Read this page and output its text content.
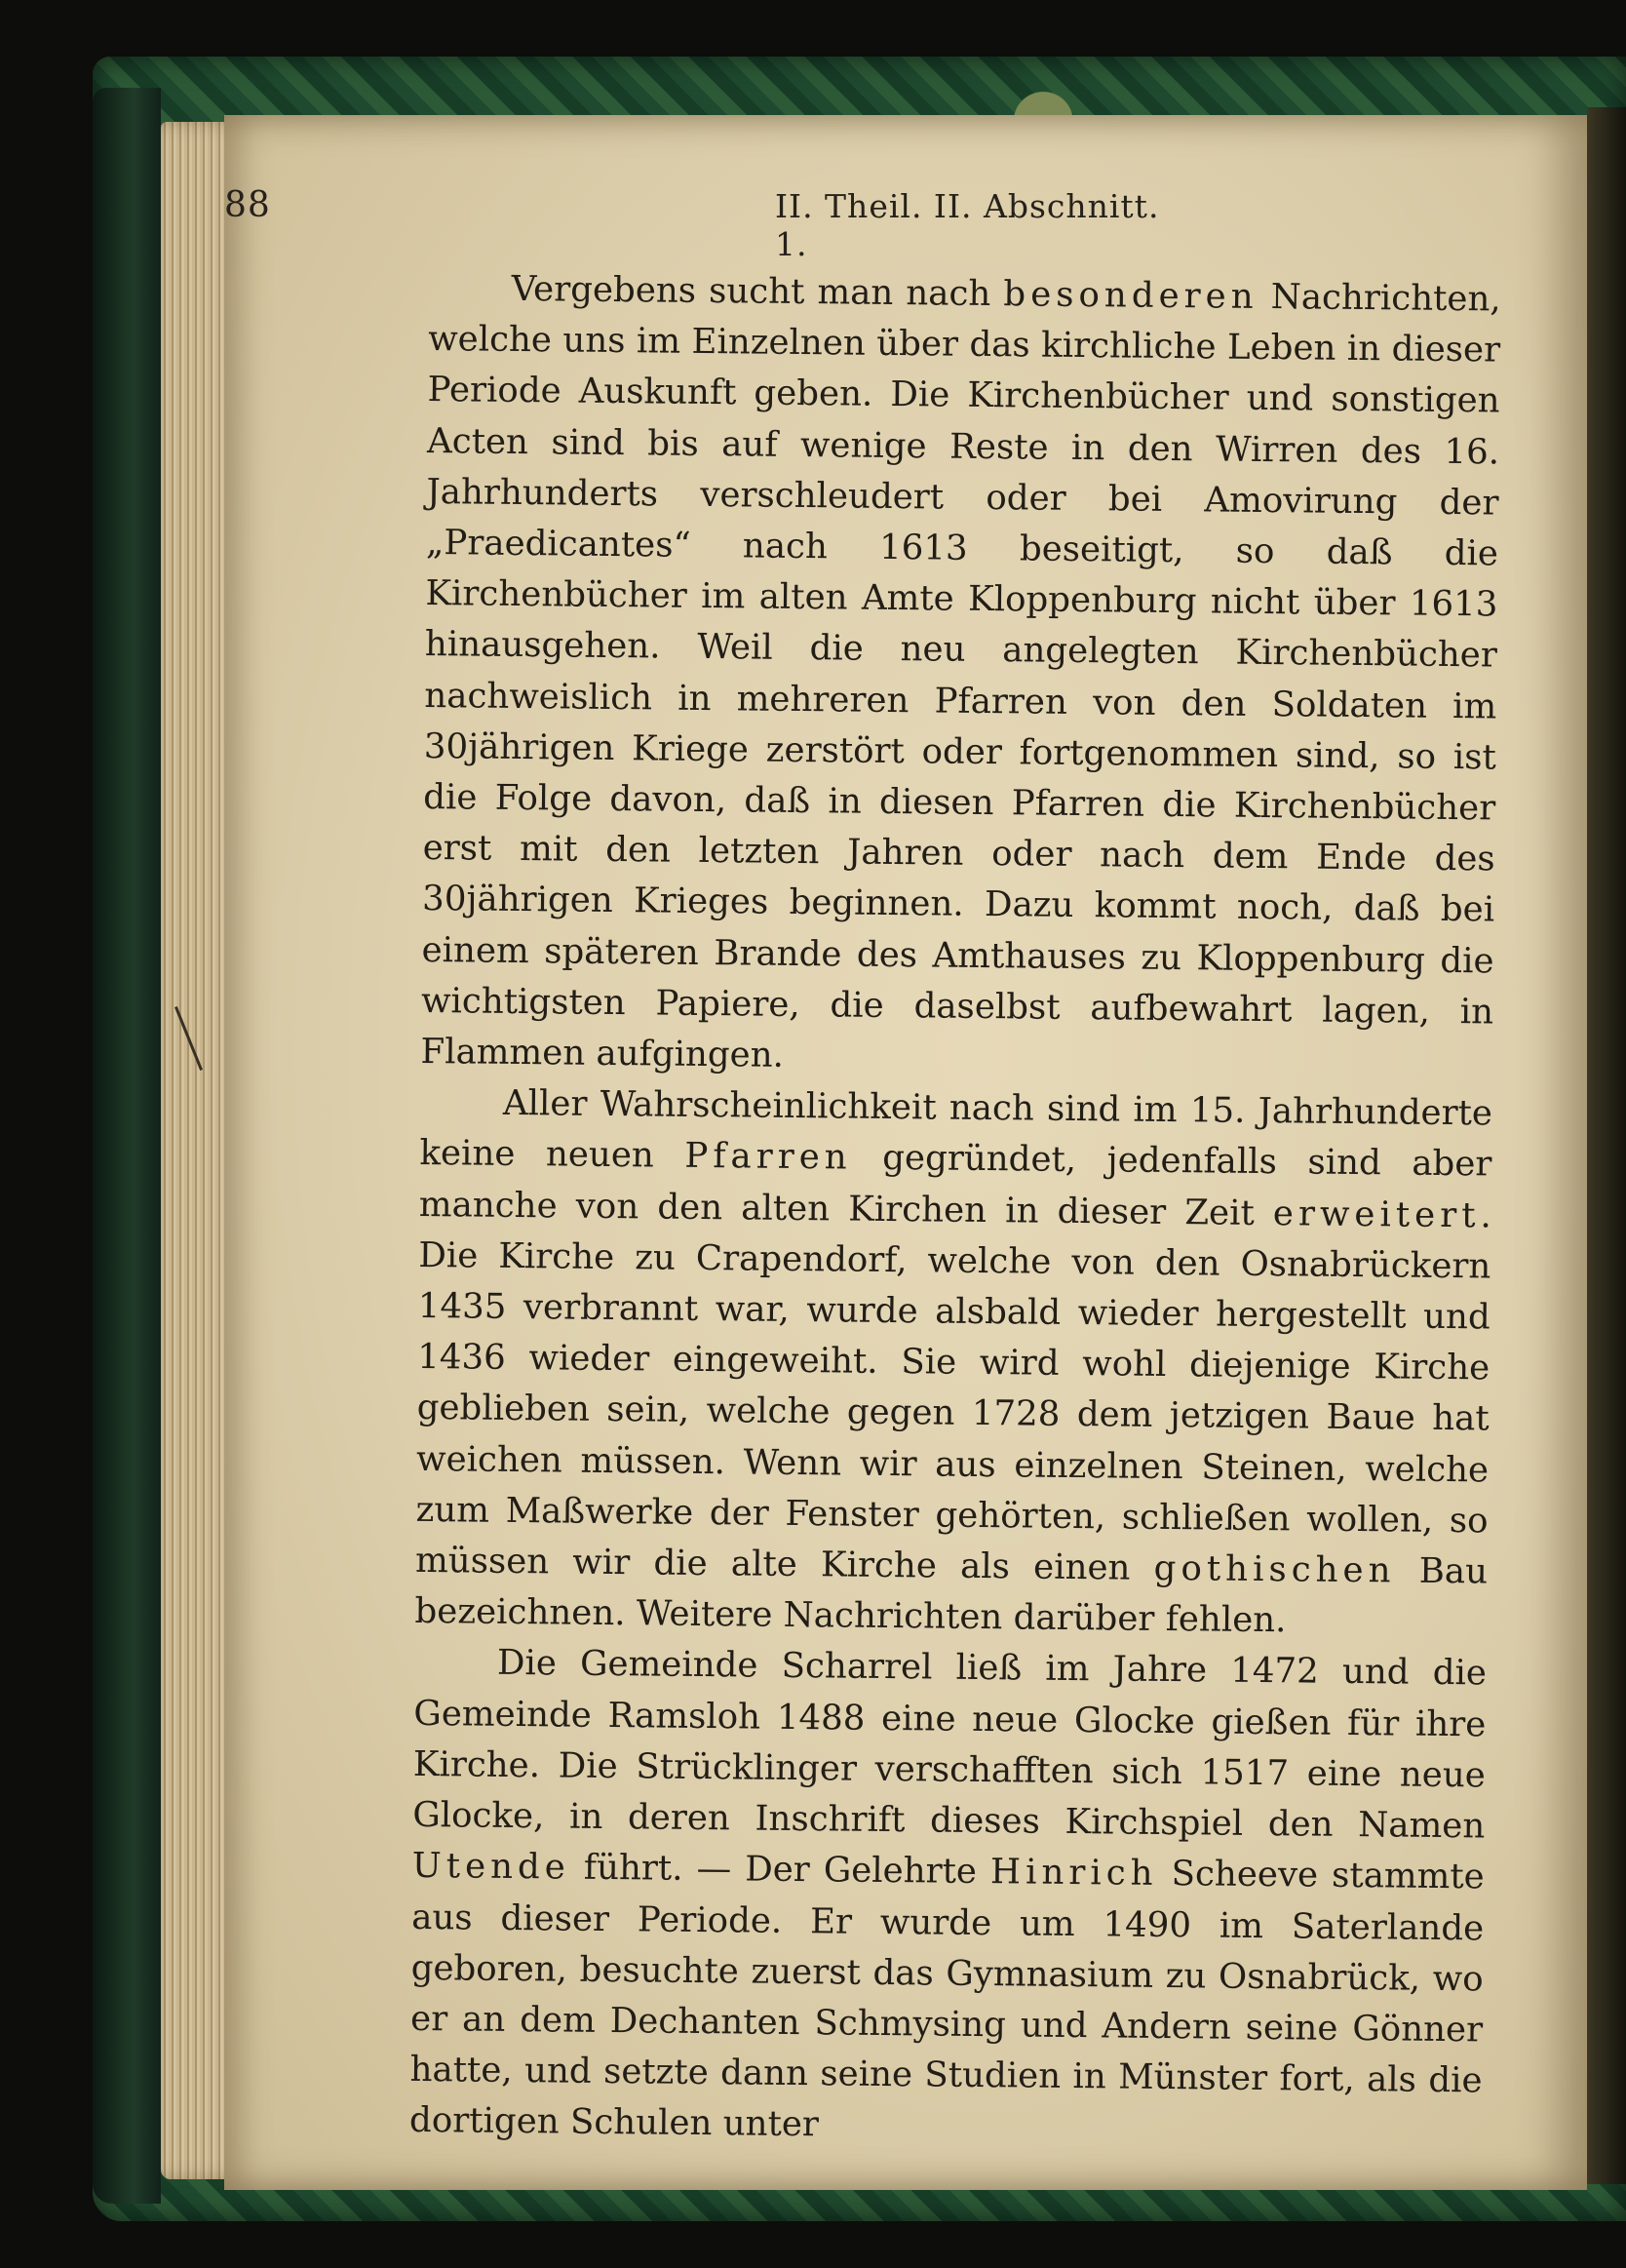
88	II. Theil. II. Abschnitt. 1.

Vergebens sucht man nach besonderen Nachrichten, welche uns im Einzelnen über das kirchliche Leben in dieser Periode Auskunft geben. Die Kirchenbücher und sonstigen Acten sind bis auf wenige Reste in den Wirren des 16. Jahrhunderts verschleudert oder bei Amovirung der „Praedicantes“ nach 1613 beseitigt, so daß die Kirchenbücher im alten Amte Kloppenburg nicht über 1613 hinausgehen. Weil die neu angelegten Kirchenbücher nachweislich in mehreren Pfarren von den Soldaten im 30jährigen Kriege zerstört oder fortgenommen sind, so ist die Folge davon, daß in diesen Pfarren die Kirchenbücher erst mit den letzten Jahren oder nach dem Ende des 30jährigen Krieges beginnen. Dazu kommt noch, daß bei einem späteren Brande des Amthauses zu Kloppenburg die wichtigsten Papiere, die daselbst aufbewahrt lagen, in Flammen aufgingen.

Aller Wahrscheinlichkeit nach sind im 15. Jahrhunderte keine neuen Pfarren gegründet, jedenfalls sind aber manche von den alten Kirchen in dieser Zeit erweitert. Die Kirche zu Crapendorf, welche von den Osnabrückern 1435 verbrannt war, wurde alsbald wieder hergestellt und 1436 wieder eingeweiht. Sie wird wohl diejenige Kirche geblieben sein, welche gegen 1728 dem jetzigen Baue hat weichen müssen. Wenn wir aus einzelnen Steinen, welche zum Maßwerke der Fenster gehörten, schließen wollen, so müssen wir die alte Kirche als einen gothischen Bau bezeichnen. Weitere Nachrichten darüber fehlen.

Die Gemeinde Scharrel ließ im Jahre 1472 und die Gemeinde Ramsloh 1488 eine neue Glocke gießen für ihre Kirche. Die Strücklinger verschafften sich 1517 eine neue Glocke, in deren Inschrift dieses Kirchspiel den Namen Utende führt. — Der Gelehrte Hinrich Scheeve stammte aus dieser Periode. Er wurde um 1490 im Saterlande geboren, besuchte zuerst das Gymnasium zu Osnabrück, wo er an dem Dechanten Schmysing und Andern seine Gönner hatte, und setzte dann seine Studien in Münster fort, als die dortigen Schulen unter
